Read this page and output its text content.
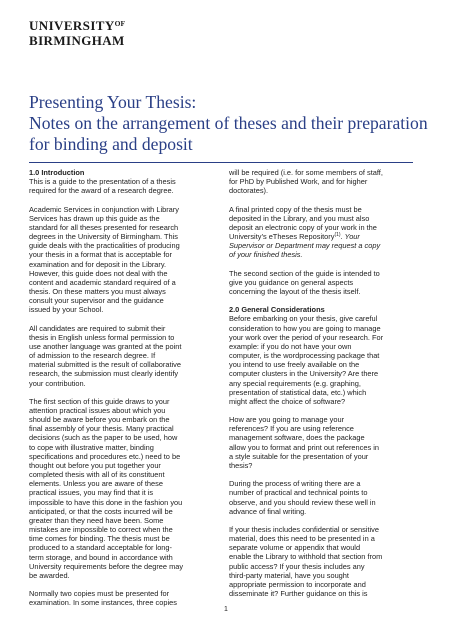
$UNIVERSITY^{OF}$
BIRMINGHAM
Presenting Your Thesis:
Notes on the arrangement of theses and their preparation
for binding and deposit

1.0 Introduction
This is a guide to the presentation of a thesis
required for the award of a research degree.

Academic Services in conjunction with Library
Services has drawn up this guide as the
standard for all theses presented for research
degrees in the University of Birmingham. This
guide deals with the practicalities of producing
your thesis in a format that is acceptable for
examination and for deposit in the Library.
However, this guide does not deal with the
content and academic standard required of a
thesis. On these matters you must always
consult your supervisor and the guidance
issued by your School.

All candidates are required to submit their
thesis in English unless formal permission to
use another language was granted at the point
of admission to the research degree. If
material submitted is the result of collaborative
research, the submission must clearly identify
your contribution.

The first section of this guide draws to your
attention practical issues about which you
should be aware before you embark on the
final assembly of your thesis. Many practical
decisions (such as the paper to be used, how
to cope with illustrative matter, binding
specifications and procedures etc.) need to be
thought out before you put together your
completed thesis with all of its constituent
elements. Unless you are aware of these
practical issues, you may find that it is
impossible to have this done in the fashion you
anticipated, or that the costs incurred will be
greater than they need have been. Some
mistakes are impossible to correct when the
time comes for binding. The thesis must be
produced to a standard acceptable for long-
term storage, and bound in accordance with
University requirements before the degree may
be awarded.

Normally two copies must be presented for
examination. In some instances, three copies

will be required (i.e. for some members of staff,
for PhD by Published Work, and for higher
doctorates).

A final printed copy of the thesis must be
deposited in the Library, and you must also
deposit an electronic copy of your work in the
University’s eTheses Repository$^{(1)}$. Your
Supervisor or Department may request a copy
of your finished thesis.

The second section of the guide is intended to
give you guidance on general aspects
concerning the layout of the thesis itself.

2.0 General Considerations
Before embarking on your thesis, give careful
consideration to how you are going to manage
your work over the period of your research. For
example: if you do not have your own
computer, is the wordprocessing package that
you intend to use freely available on the
computer clusters in the University? Are there
any special requirements (e.g. graphing,
presentation of statistical data, etc.) which
might affect the choice of software?

How are you going to manage your
references? If you are using reference
management software, does the package
allow you to format and print out references in
a style suitable for the presentation of your
thesis?

During the process of writing there are a
number of practical and technical points to
observe, and you should review these well in
advance of final writing.

If your thesis includes confidential or sensitive
material, does this need to be presented in a
separate volume or appendix that would
enable the Library to withhold that section from
public access? If your thesis includes any
third-party material, have you sought
appropriate permission to incorporate and
disseminate it? Further guidance on this is

1
